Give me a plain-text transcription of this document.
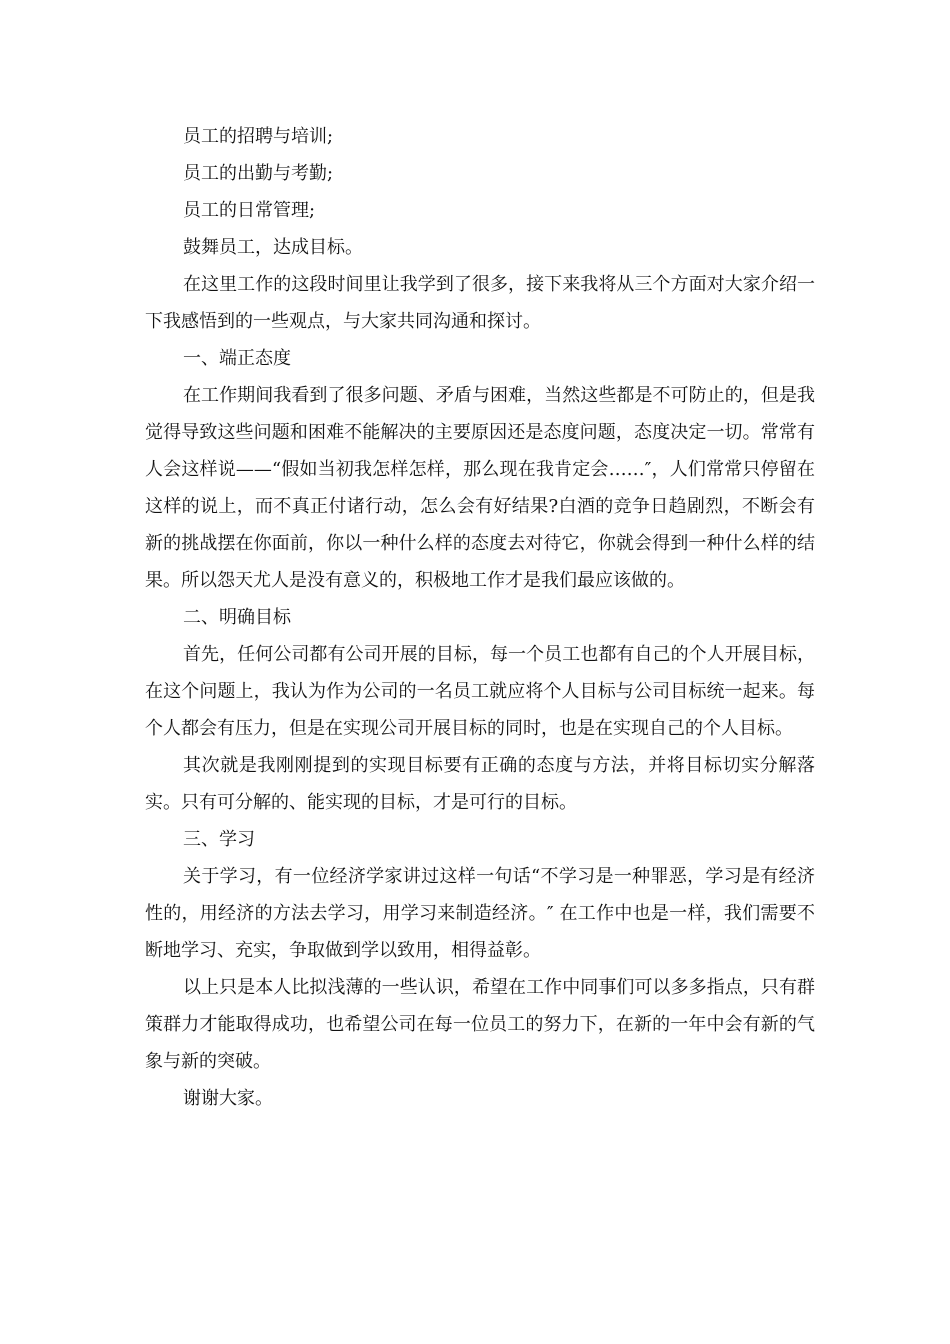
员工的招聘与培训;

员工的出勤与考勤;

员工的日常管理;

鼓舞员工，达成目标。

在这里工作的这段时间里让我学到了很多，接下来我将从三个方面对大家介绍一下我感悟到的一些观点，与大家共同沟通和探讨。

一、端正态度

在工作期间我看到了很多问题、矛盾与困难，当然这些都是不可防止的，但是我觉得导致这些问题和困难不能解决的主要原因还是态度问题，态度决定一切。常常有人会这样说——“假如当初我怎样怎样，那么现在我肯定会……″，人们常常只停留在这样的说上，而不真正付诸行动，怎么会有好结果?白酒的竞争日趋剧烈，不断会有新的挑战摆在你面前，你以一种什么样的态度去对待它，你就会得到一种什么样的结果。所以怨天尤人是没有意义的，积极地工作才是我们最应该做的。

二、明确目标

首先，任何公司都有公司开展的目标，每一个员工也都有自己的个人开展目标，在这个问题上，我认为作为公司的一名员工就应将个人目标与公司目标统一起来。每个人都会有压力，但是在实现公司开展目标的同时，也是在实现自己的个人目标。

其次就是我刚刚提到的实现目标要有正确的态度与方法，并将目标切实分解落实。只有可分解的、能实现的目标，才是可行的目标。

三、学习

关于学习，有一位经济学家讲过这样一句话“不学习是一种罪恶，学习是有经济性的，用经济的方法去学习，用学习来制造经济。″ 在工作中也是一样，我们需要不断地学习、充实，争取做到学以致用，相得益彰。

以上只是本人比拟浅薄的一些认识，希望在工作中同事们可以多多指点，只有群策群力才能取得成功，也希望公司在每一位员工的努力下，在新的一年中会有新的气象与新的突破。

谢谢大家。
